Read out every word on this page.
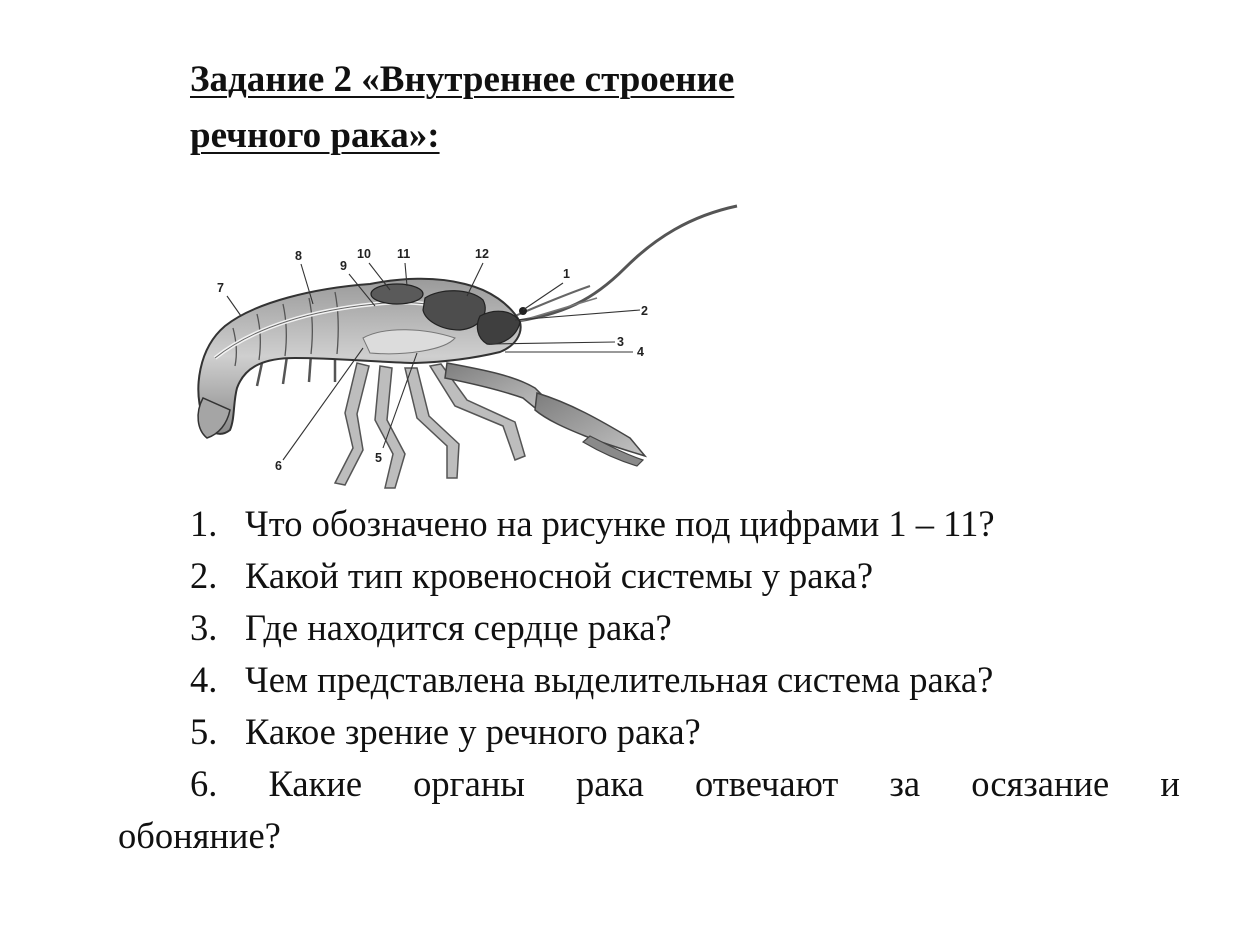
Задание 2 «Внутреннее строение
речного рака»:
1
2
3
4
5
6
7
8
9
10 11	12
1. Что обозначено на рисунке под цифрами 1 – 11?
2. Какой тип кровеносной системы у рака?
3. Где находится сердце рака?
4. Чем представлена выделительная система рака?
5. Какое зрение у речного рака?
6. Какие органы рака отвечают за осязание и
обоняние?
